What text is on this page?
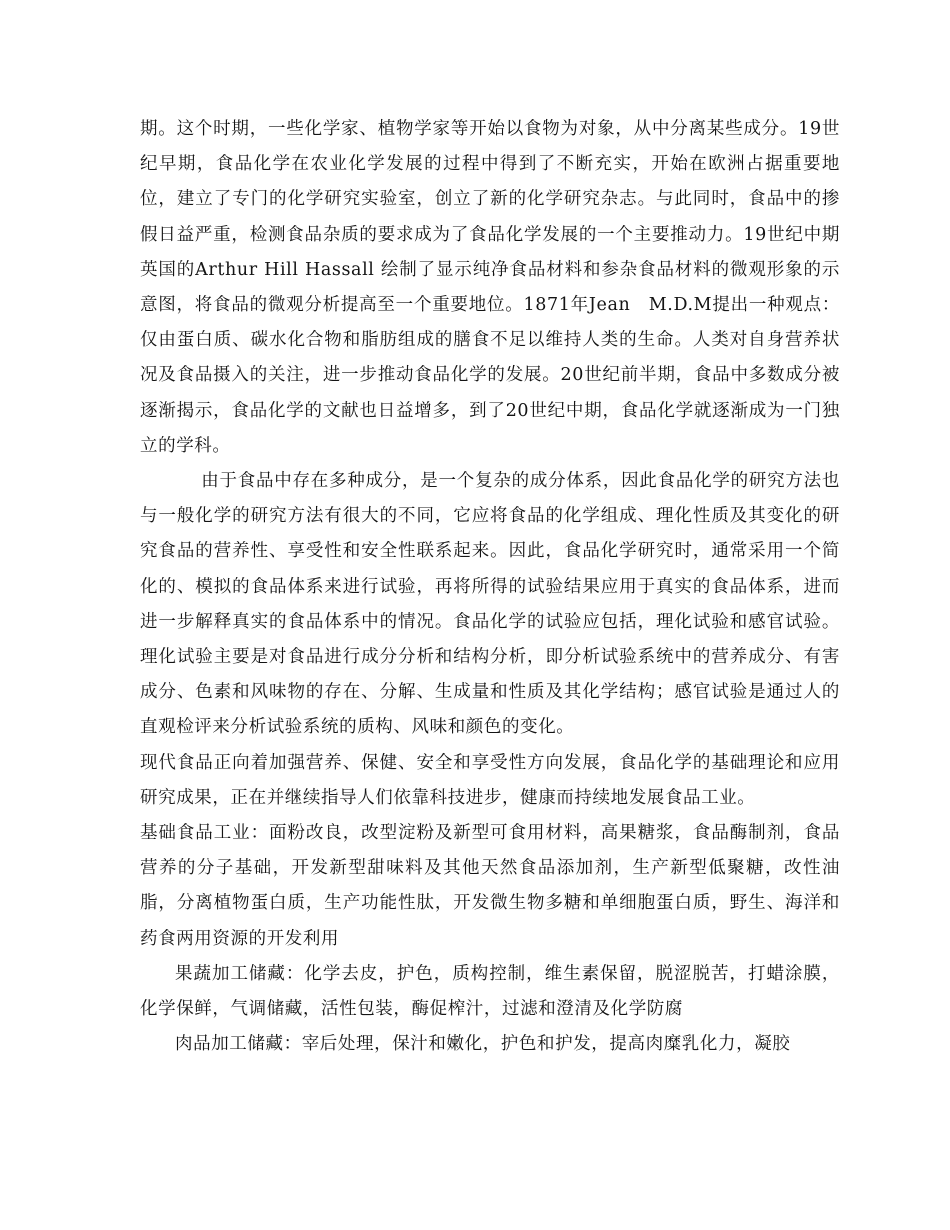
期。这个时期，一些化学家、植物学家等开始以食物为对象，从中分离某些成分。19世纪早期，食品化学在农业化学发展的过程中得到了不断充实，开始在欧洲占据重要地位，建立了专门的化学研究实验室，创立了新的化学研究杂志。与此同时，食品中的掺假日益严重，检测食品杂质的要求成为了食品化学发展的一个主要推动力。19世纪中期英国的Arthur Hill Hassall 绘制了显示纯净食品材料和参杂食品材料的微观形象的示意图，将食品的微观分析提高至一个重要地位。1871年Jean　M.D.M提出一种观点：仅由蛋白质、碳水化合物和脂肪组成的膳食不足以维持人类的生命。人类对自身营养状况及食品摄入的关注，进一步推动食品化学的发展。20世纪前半期，食品中多数成分被逐渐揭示，食品化学的文献也日益增多，到了20世纪中期，食品化学就逐渐成为一门独立的学科。

由于食品中存在多种成分，是一个复杂的成分体系，因此食品化学的研究方法也与一般化学的研究方法有很大的不同，它应将食品的化学组成、理化性质及其变化的研究食品的营养性、享受性和安全性联系起来。因此，食品化学研究时，通常采用一个简化的、模拟的食品体系来进行试验，再将所得的试验结果应用于真实的食品体系，进而进一步解释真实的食品体系中的情况。食品化学的试验应包括，理化试验和感官试验。理化试验主要是对食品进行成分分析和结构分析，即分析试验系统中的营养成分、有害成分、色素和风味物的存在、分解、生成量和性质及其化学结构；感官试验是通过人的直观检评来分析试验系统的质构、风味和颜色的变化。

现代食品正向着加强营养、保健、安全和享受性方向发展，食品化学的基础理论和应用研究成果，正在并继续指导人们依靠科技进步，健康而持续地发展食品工业。

基础食品工业：面粉改良，改型淀粉及新型可食用材料，高果糖浆，食品酶制剂，食品营养的分子基础，开发新型甜味料及其他天然食品添加剂，生产新型低聚糖，改性油脂，分离植物蛋白质，生产功能性肽，开发微生物多糖和单细胞蛋白质，野生、海洋和药食两用资源的开发利用

果蔬加工储藏：化学去皮，护色，质构控制，维生素保留，脱涩脱苦，打蜡涂膜，化学保鲜，气调储藏，活性包装，酶促榨汁，过滤和澄清及化学防腐

肉品加工储藏：宰后处理，保汁和嫩化，护色和护发，提高肉糜乳化力，凝胶
